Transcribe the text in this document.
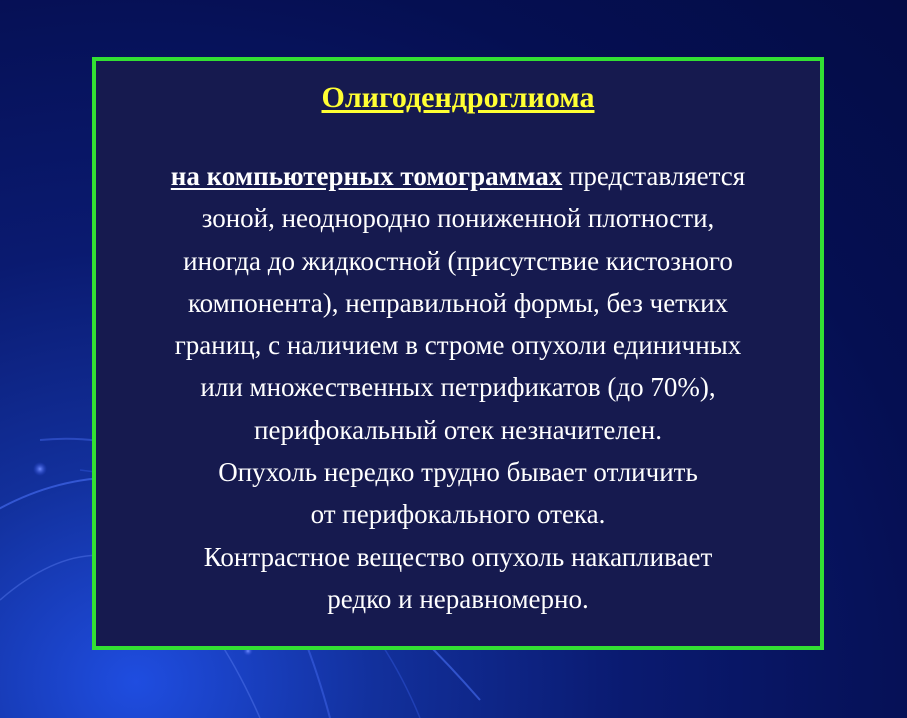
Олигодендроглиома
на компьютерных томограммах представляется
зоной, неоднородно пониженной плотности,
иногда до жидкостной (присутствие кистозного
компонента), неправильной формы, без четких
границ, с наличием в строме опухоли единичных
или множественных петрификатов (до 70%),
перифокальный отек незначителен.
Опухоль нередко трудно бывает отличить
от перифокального отека.
Контрастное вещество опухоль накапливает
редко и неравномерно.
